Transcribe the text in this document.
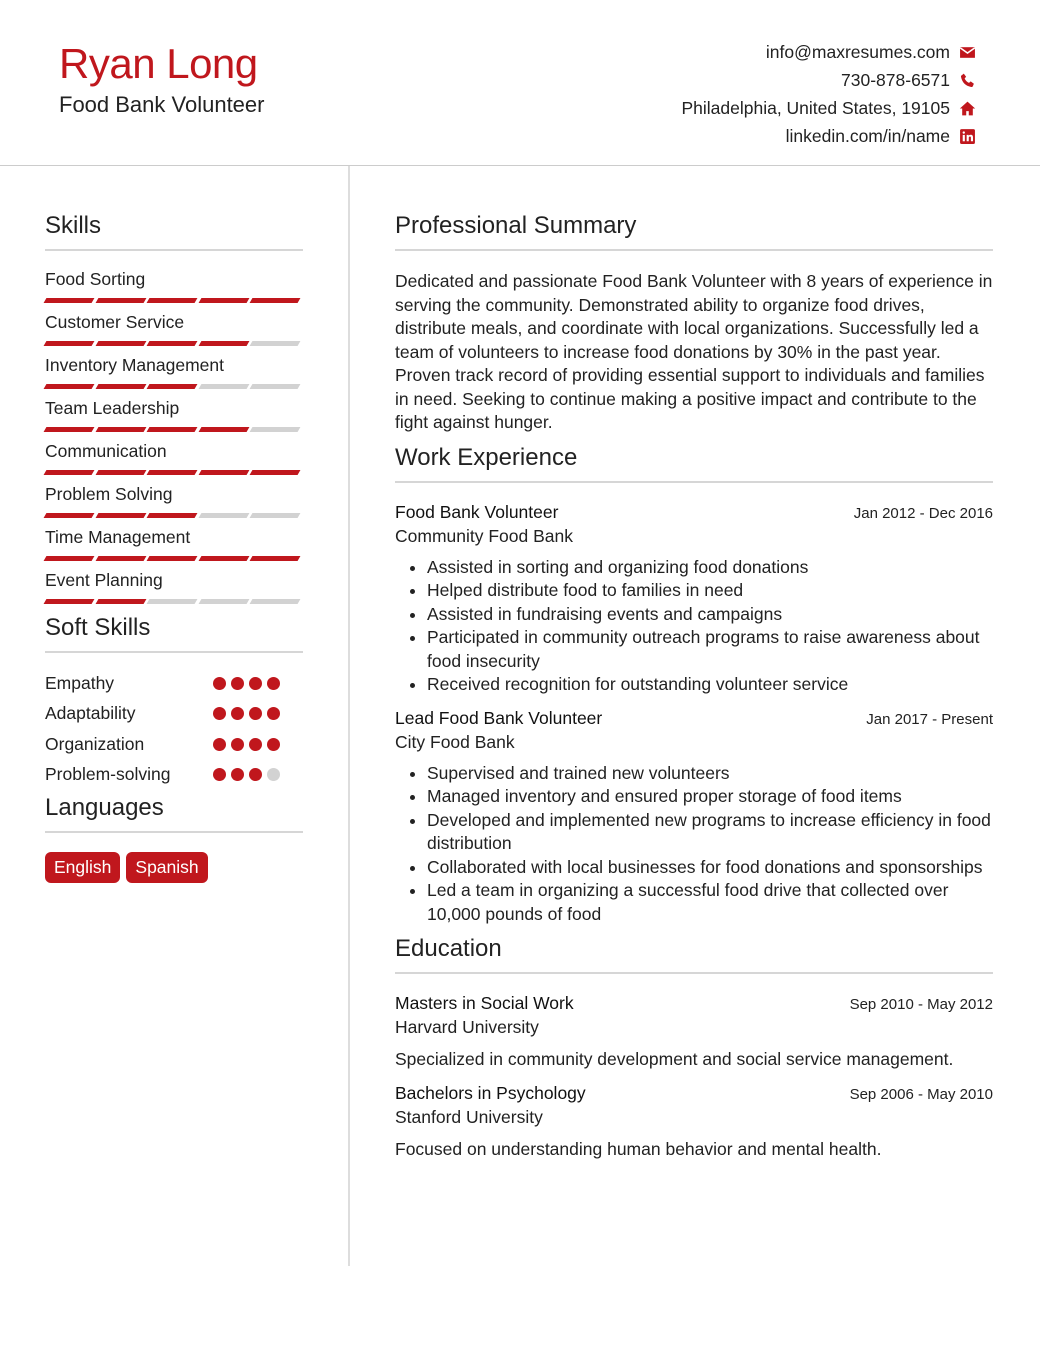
Ryan Long
Food Bank Volunteer
info@maxresumes.com
730-878-6571
Philadelphia, United States, 19105
linkedin.com/in/name
Skills
Food Sorting
Customer Service
Inventory Management
Team Leadership
Communication
Problem Solving
Time Management
Event Planning
Soft Skills
Empathy
Adaptability
Organization
Problem-solving
Languages
English	Spanish
Professional Summary
Dedicated and passionate Food Bank Volunteer with 8 years of experience in serving the community. Demonstrated ability to organize food drives, distribute meals, and coordinate with local organizations. Successfully led a team of volunteers to increase food donations by 30% in the past year. Proven track record of providing essential support to individuals and families in need. Seeking to continue making a positive impact and contribute to the fight against hunger.
Work Experience
Food Bank Volunteer	Jan 2012 - Dec 2016
Community Food Bank
• Assisted in sorting and organizing food donations
• Helped distribute food to families in need
• Assisted in fundraising events and campaigns
• Participated in community outreach programs to raise awareness about food insecurity
• Received recognition for outstanding volunteer service
Lead Food Bank Volunteer	Jan 2017 - Present
City Food Bank
• Supervised and trained new volunteers
• Managed inventory and ensured proper storage of food items
• Developed and implemented new programs to increase efficiency in food distribution
• Collaborated with local businesses for food donations and sponsorships
• Led a team in organizing a successful food drive that collected over 10,000 pounds of food
Education
Masters in Social Work	Sep 2010 - May 2012
Harvard University
Specialized in community development and social service management.
Bachelors in Psychology	Sep 2006 - May 2010
Stanford University
Focused on understanding human behavior and mental health.
